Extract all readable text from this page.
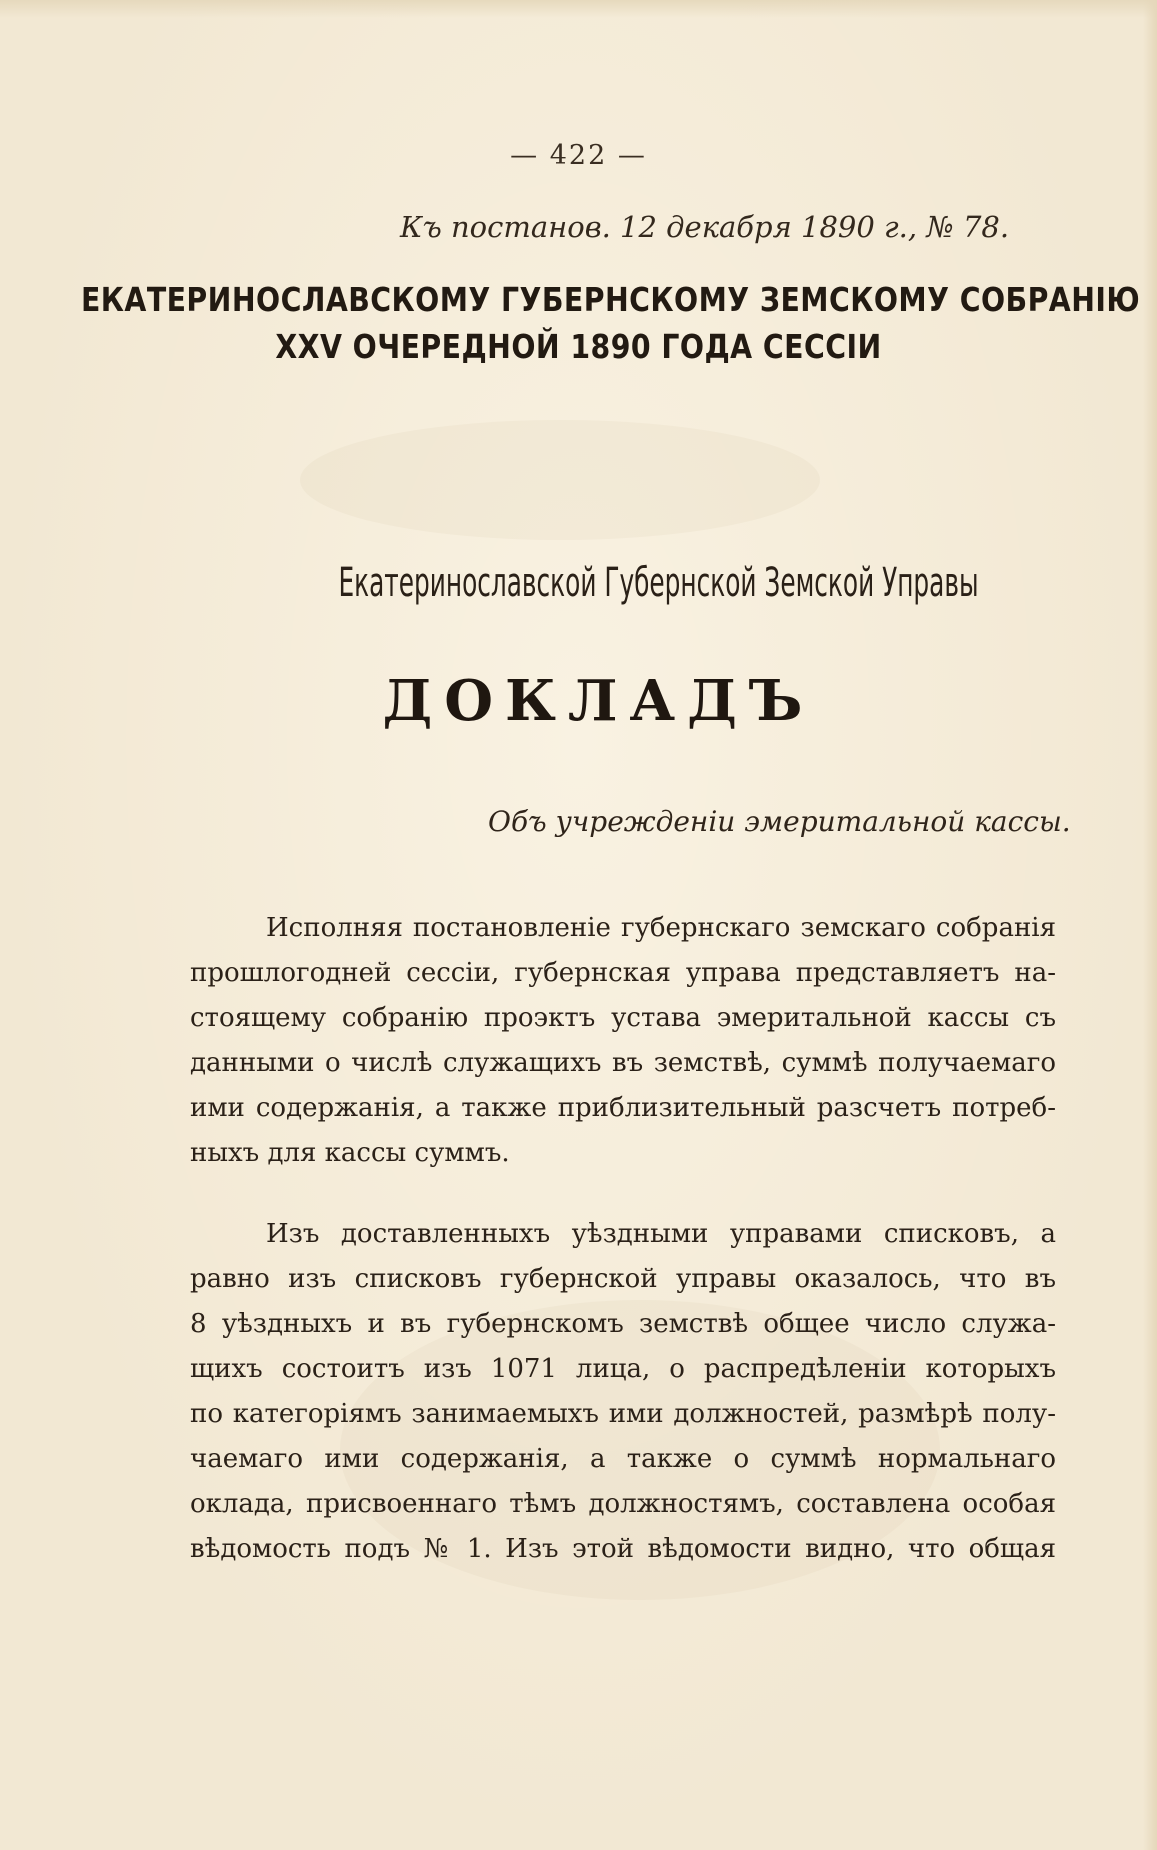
— 422 —
Къ постанов. 12 декабря 1890 г., № 78.
ЕКАТЕРИНОСЛАВСКОМУ ГУБЕРНСКОМУ ЗЕМСКОМУ СОБРАНІЮ
XXV ОЧЕРЕДНОЙ 1890 ГОДА СЕССІИ
Екатеринославской Губернской Земской Управы
ДОКЛАДЪ
Объ учрежденіи эмеритальной кассы.
Исполняя постановленіе губернскаго земскаго собранія
прошлогодней сессіи, губернская управа представляетъ на-
стоящему собранію проэктъ устава эмеритальной кассы съ
данными о числѣ служащихъ въ земствѣ, суммѣ получаемаго
ими содержанія, а также приблизительный разсчетъ потреб-
ныхъ для кассы суммъ.
Изъ доставленныхъ уѣздными управами списковъ, а
равно изъ списковъ губернской управы оказалось, что въ
8 уѣздныхъ и въ губернскомъ земствѣ общее число служа-
щихъ состоитъ изъ 1071 лица, о распредѣленіи которыхъ
по категоріямъ занимаемыхъ ими должностей, размѣрѣ полу-
чаемаго ими содержанія, а также о суммѣ нормальнаго
оклада, присвоеннаго тѣмъ должностямъ, составлена особая
вѣдомость подъ № 1. Изъ этой вѣдомости видно, что общая
